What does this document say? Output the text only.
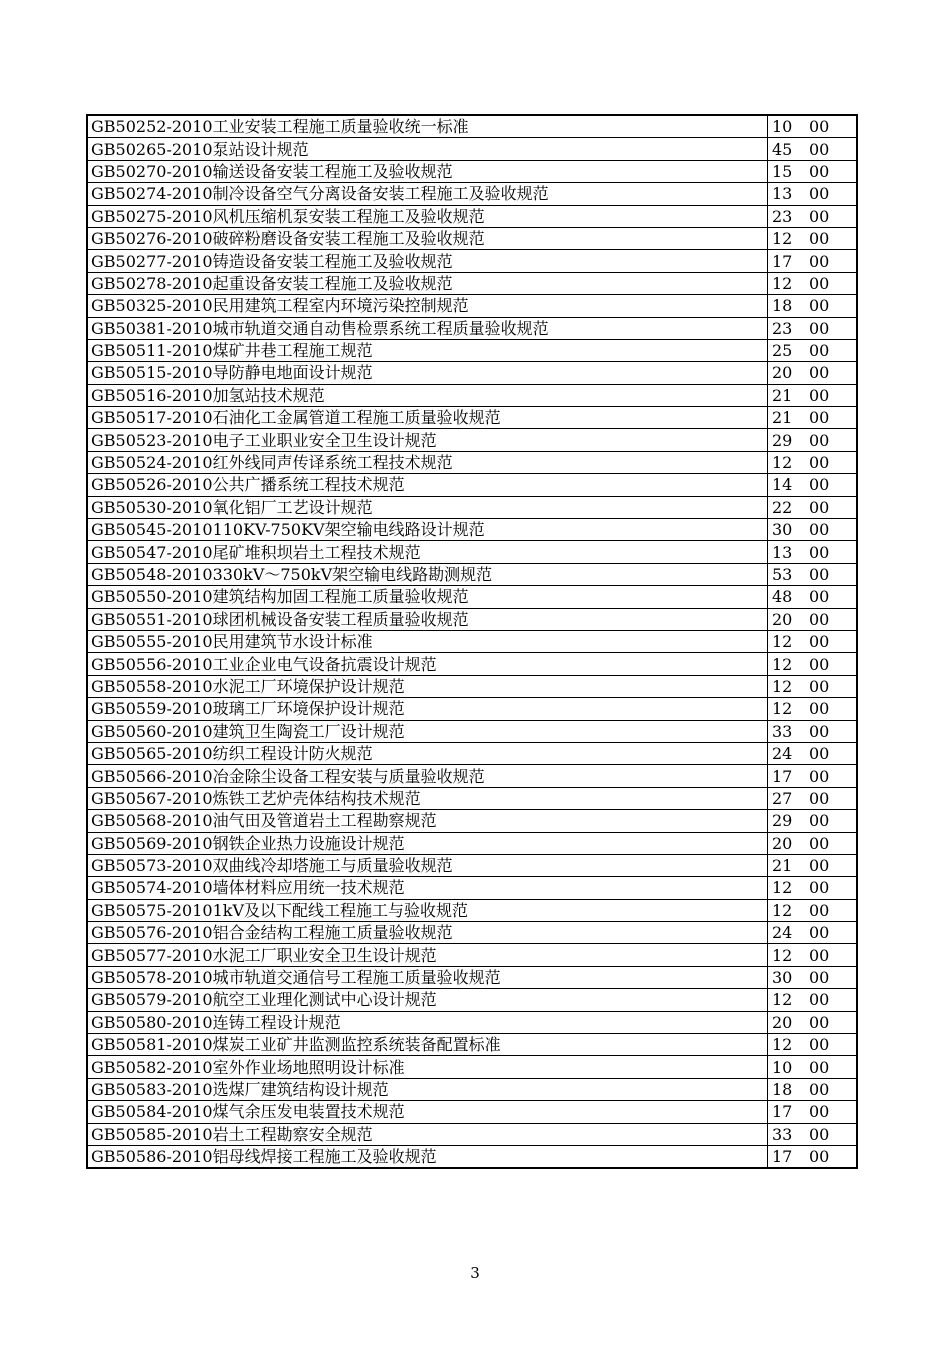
GB50252-2010工业安装工程施工质量验收统一标准	10 00
GB50265-2010泵站设计规范	45 00
GB50270-2010输送设备安装工程施工及验收规范	15 00
GB50274-2010制冷设备空气分离设备安装工程施工及验收规范	13 00
GB50275-2010风机压缩机泵安装工程施工及验收规范	23 00
GB50276-2010破碎粉磨设备安装工程施工及验收规范	12 00
GB50277-2010铸造设备安装工程施工及验收规范	17 00
GB50278-2010起重设备安装工程施工及验收规范	12 00
GB50325-2010民用建筑工程室内环境污染控制规范	18 00
GB50381-2010城市轨道交通自动售检票系统工程质量验收规范	23 00
GB50511-2010煤矿井巷工程施工规范	25 00
GB50515-2010导防静电地面设计规范	20 00
GB50516-2010加氢站技术规范	21 00
GB50517-2010石油化工金属管道工程施工质量验收规范	21 00
GB50523-2010电子工业职业安全卫生设计规范	29 00
GB50524-2010红外线同声传译系统工程技术规范	12 00
GB50526-2010公共广播系统工程技术规范	14 00
GB50530-2010氧化铝厂工艺设计规范	22 00
GB50545-2010110KV-750KV架空输电线路设计规范	30 00
GB50547-2010尾矿堆积坝岩土工程技术规范	13 00
GB50548-2010330kV～750kV架空输电线路勘测规范	53 00
GB50550-2010建筑结构加固工程施工质量验收规范	48 00
GB50551-2010球团机械设备安装工程质量验收规范	20 00
GB50555-2010民用建筑节水设计标准	12 00
GB50556-2010工业企业电气设备抗震设计规范	12 00
GB50558-2010水泥工厂环境保护设计规范	12 00
GB50559-2010玻璃工厂环境保护设计规范	12 00
GB50560-2010建筑卫生陶瓷工厂设计规范	33 00
GB50565-2010纺织工程设计防火规范	24 00
GB50566-2010冶金除尘设备工程安装与质量验收规范	17 00
GB50567-2010炼铁工艺炉壳体结构技术规范	27 00
GB50568-2010油气田及管道岩土工程勘察规范	29 00
GB50569-2010钢铁企业热力设施设计规范	20 00
GB50573-2010双曲线冷却塔施工与质量验收规范	21 00
GB50574-2010墙体材料应用统一技术规范	12 00
GB50575-20101kV及以下配线工程施工与验收规范	12 00
GB50576-2010铝合金结构工程施工质量验收规范	24 00
GB50577-2010水泥工厂职业安全卫生设计规范	12 00
GB50578-2010城市轨道交通信号工程施工质量验收规范	30 00
GB50579-2010航空工业理化测试中心设计规范	12 00
GB50580-2010连铸工程设计规范	20 00
GB50581-2010煤炭工业矿井监测监控系统装备配置标准	12 00
GB50582-2010室外作业场地照明设计标准	10 00
GB50583-2010选煤厂建筑结构设计规范	18 00
GB50584-2010煤气余压发电装置技术规范	17 00
GB50585-2010岩土工程勘察安全规范	33 00
GB50586-2010铝母线焊接工程施工及验收规范	17 00
3
